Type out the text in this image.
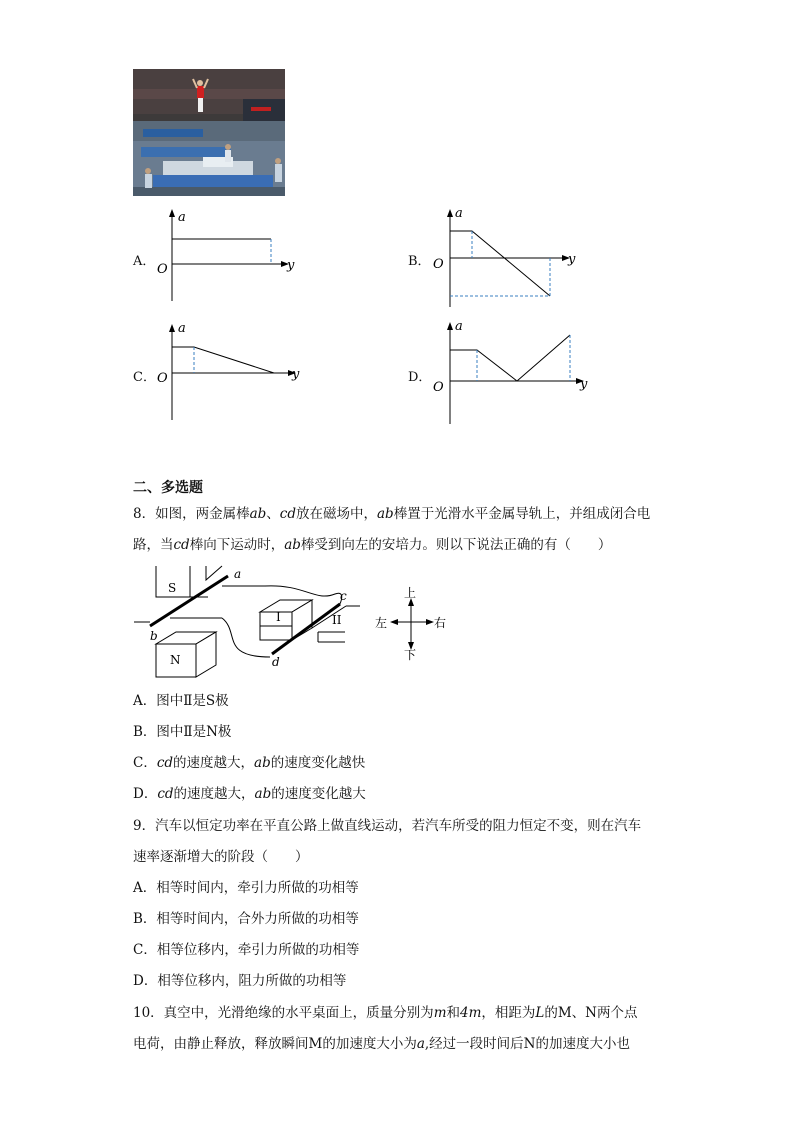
A．
a
y
O
B．
a
y
O
C．
a
y
O	D．
a
y
O
二、多选题
8．如图，两金属棒ab、cd放在磁场中，ab棒置于光滑水平金属导轨上，并组成闭合电
路，当cd棒向下运动时，ab棒受到向左的安培力。则以下说法正确的有（　　）
S
a
b
I	II
c
d
N
上
下
左	右
A．图中Ⅱ是S极
B．图中Ⅱ是N极
C．cd的速度越大，ab的速度变化越快
D．cd的速度越大，ab的速度变化越大
9．汽车以恒定功率在平直公路上做直线运动，若汽车所受的阻力恒定不变，则在汽车
速率逐渐增大的阶段（　　）
A．相等时间内，牵引力所做的功相等
B．相等时间内，合外力所做的功相等
C．相等位移内，牵引力所做的功相等
D．相等位移内，阻力所做的功相等
10．真空中，光滑绝缘的水平桌面上，质量分别为m和4m，相距为L的M、N两个点
电荷，由静止释放，释放瞬间M的加速度大小为a,经过一段时间后N的加速度大小也
